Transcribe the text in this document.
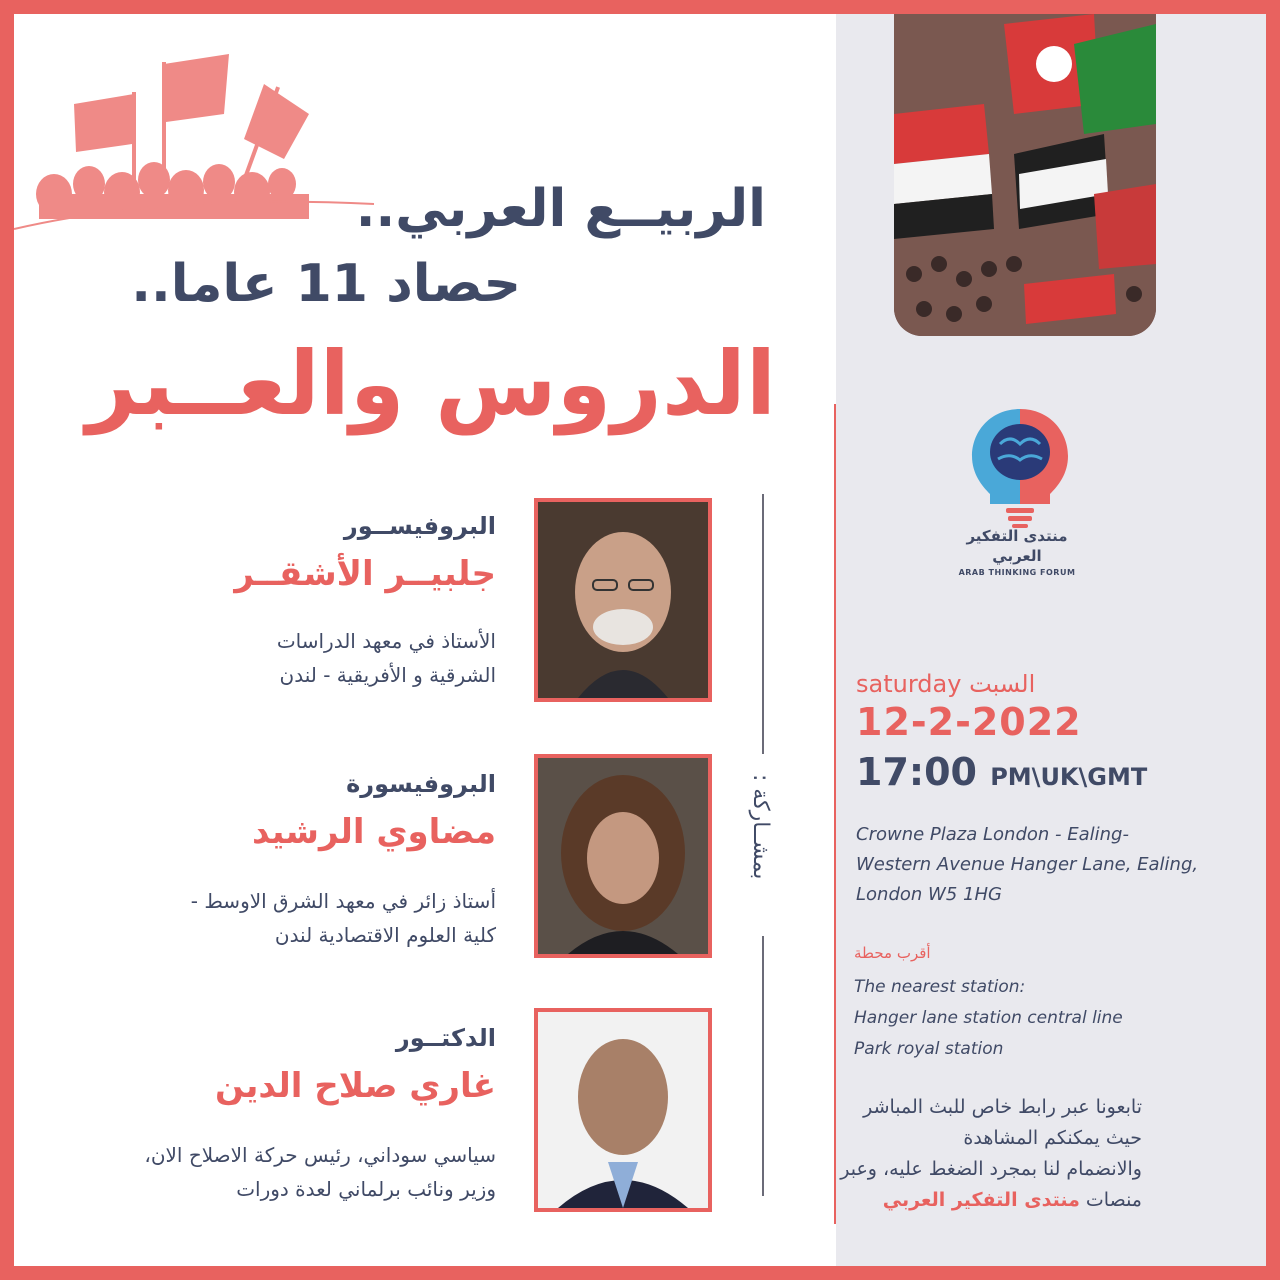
الربيــع العربي..
حصاد 11 عاما..
الدروس والعــبر
بمشــاركة :
البروفيســور
جلبيــر الأشقــر
الأستاذ في معهد الدراسات
الشرقية و الأفريقية - لندن
البروفيسورة
مضاوي الرشيد
أستاذ زائر في معهد الشرق الاوسط -
كلية العلوم الاقتصادية لندن
الدكتــور
غاري صلاح الدين
سياسي سوداني، رئيس حركة الاصلاح الان،
وزير ونائب برلماني لعدة دورات
منتدى التفكير
العربي
ARAB THINKING FORUM
saturday السبت
12-2-2022
17:00 PM\UK\GMT
Crowne Plaza London - Ealing-
Western Avenue Hanger Lane, Ealing,
London W5 1HG
أقرب محطة
The nearest station:
Hanger lane station central line
Park royal station
تابعونا عبر رابط خاص للبث المباشر
حيث يمكنكم المشاهدة
والانضمام لنا بمجرد الضغط عليه، وعبر
منصات منتدى التفكير العربي
